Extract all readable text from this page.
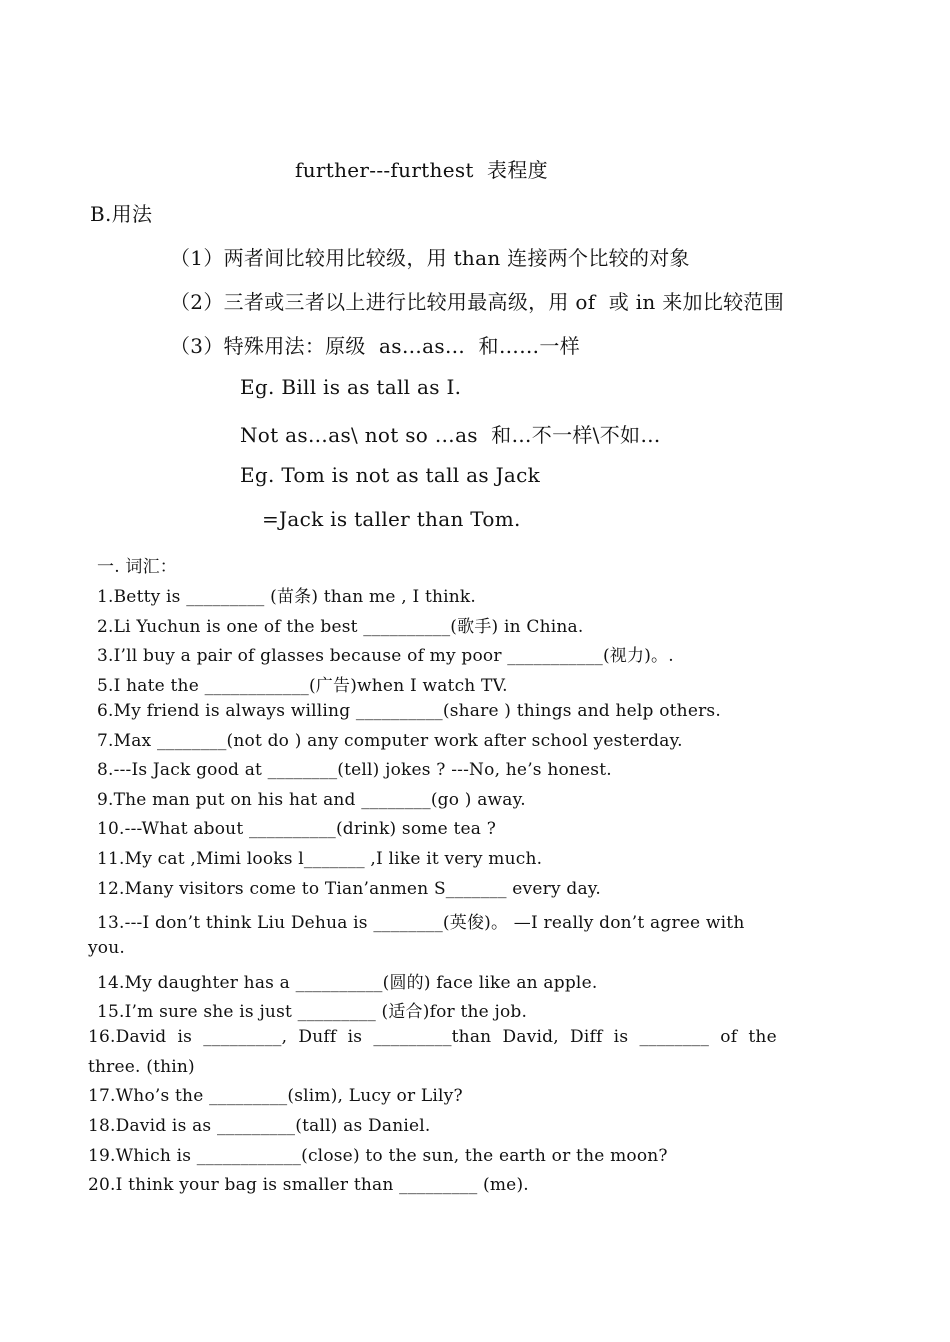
further---furthest  表程度
B.用法
（1）两者间比较用比较级，用 than 连接两个比较的对象
（2）三者或三者以上进行比较用最高级，用 of  或 in 来加比较范围
（3）特殊用法：原级  as…as…  和……一样
Eg. Bill is as tall as I.
Not as…as\ not so …as  和…不一样\不如…
Eg. Tom is not as tall as Jack
=Jack is taller than Tom.
一. 词汇：
1.Betty is _________ (苗条) than me , I think.
2.Li Yuchun is one of the best __________(歌手) in China.
3.I’ll buy a pair of glasses because of my poor ___________(视力)。.
5.I hate the ____________(广告)when I watch TV.
6.My friend is always willing __________(share ) things and help others.
7.Max ________(not do ) any computer work after school yesterday.
8.---Is Jack good at ________(tell) jokes ? ---No, he’s honest.
9.The man put on his hat and ________(go ) away.
10.---What about __________(drink) some tea ?
11.My cat ,Mimi looks l_______ ,I like it very much.
12.Many visitors come to Tian’anmen S_______ every day.
13.---I don’t think Liu Dehua is ________(英俊)。 —I really don’t agree with
you.
14.My daughter has a __________(圆的) face like an apple.
15.I’m sure she is just _________ (适合)for the job.
16.David  is  _________,  Duff  is  _________than  David,  Diff  is  ________  of  the
three. (thin)
17.Who’s the _________(slim), Lucy or Lily?
18.David is as _________(tall) as Daniel.
19.Which is ____________(close) to the sun, the earth or the moon?
20.I think your bag is smaller than _________ (me).
